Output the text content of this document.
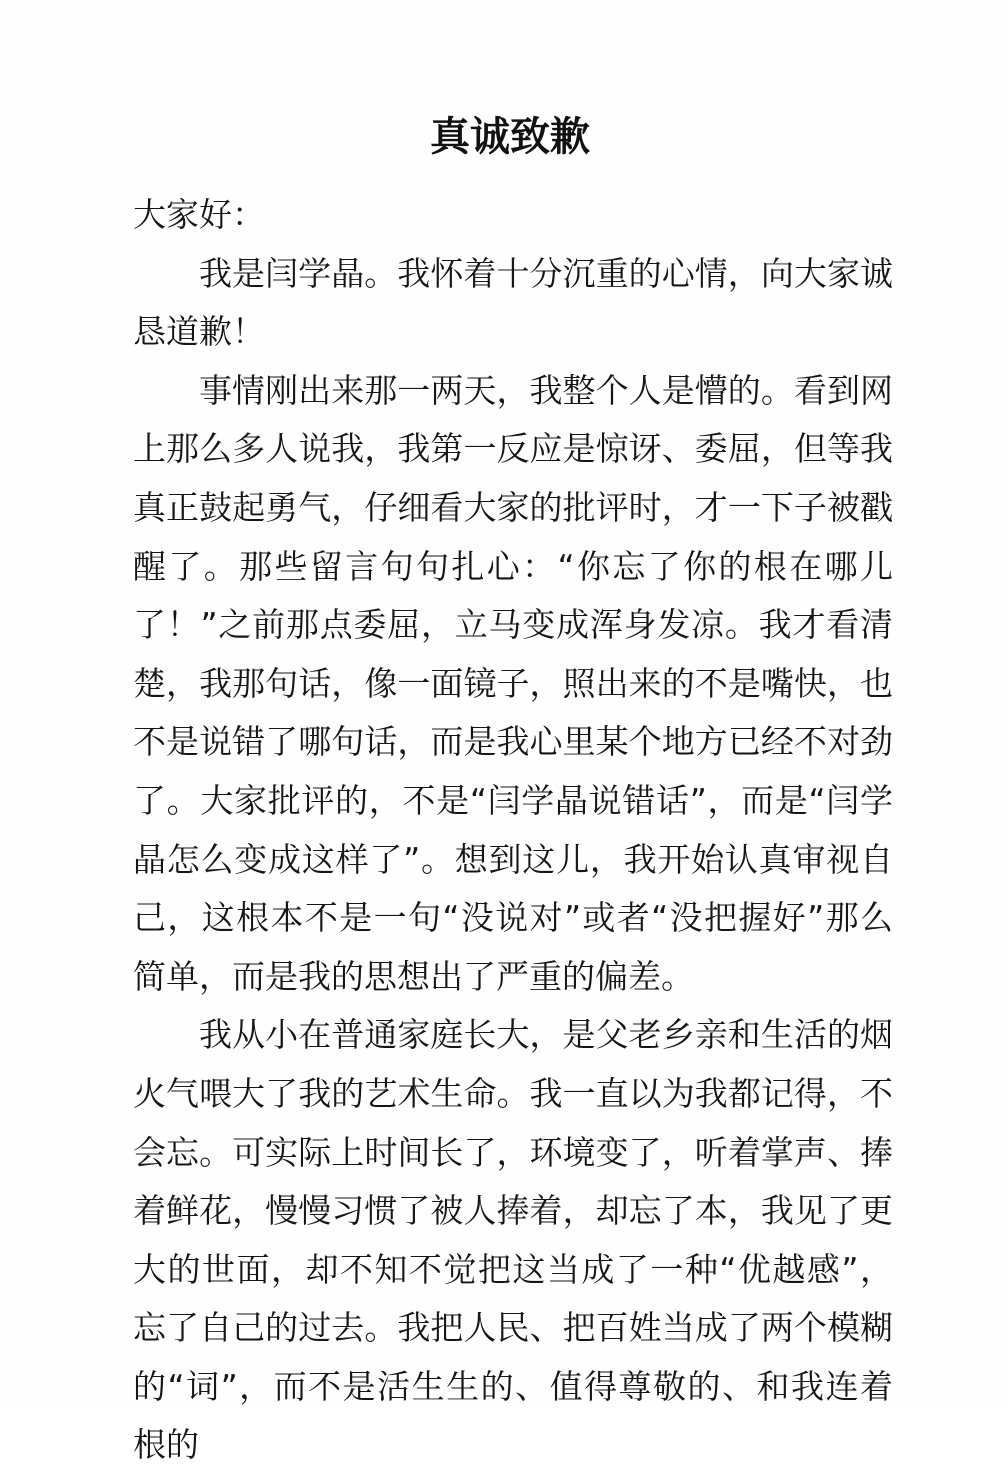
真诚致歉

大家好：

我是闫学晶。我怀着十分沉重的心情，向大家诚恳道歉！

事情刚出来那一两天，我整个人是懵的。看到网上那么多人说我，我第一反应是惊讶、委屈，但等我真正鼓起勇气，仔细看大家的批评时，才一下子被戳醒了。那些留言句句扎心：“你忘了你的根在哪儿了！”之前那点委屈，立马变成浑身发凉。我才看清楚，我那句话，像一面镜子，照出来的不是嘴快，也不是说错了哪句话，而是我心里某个地方已经不对劲了。大家批评的，不是“闫学晶说错话”，而是“闫学晶怎么变成这样了”。想到这儿，我开始认真审视自己，这根本不是一句“没说对”或者“没把握好”那么简单，而是我的思想出了严重的偏差。

我从小在普通家庭长大，是父老乡亲和生活的烟火气喂大了我的艺术生命。我一直以为我都记得，不会忘。可实际上时间长了，环境变了，听着掌声、捧着鲜花，慢慢习惯了被人捧着，却忘了本，我见了更大的世面，却不知不觉把这当成了一种“优越感”，忘了自己的过去。我把人民、把百姓当成了两个模糊的“词”，而不是活生生的、值得尊敬的、和我连着根的
